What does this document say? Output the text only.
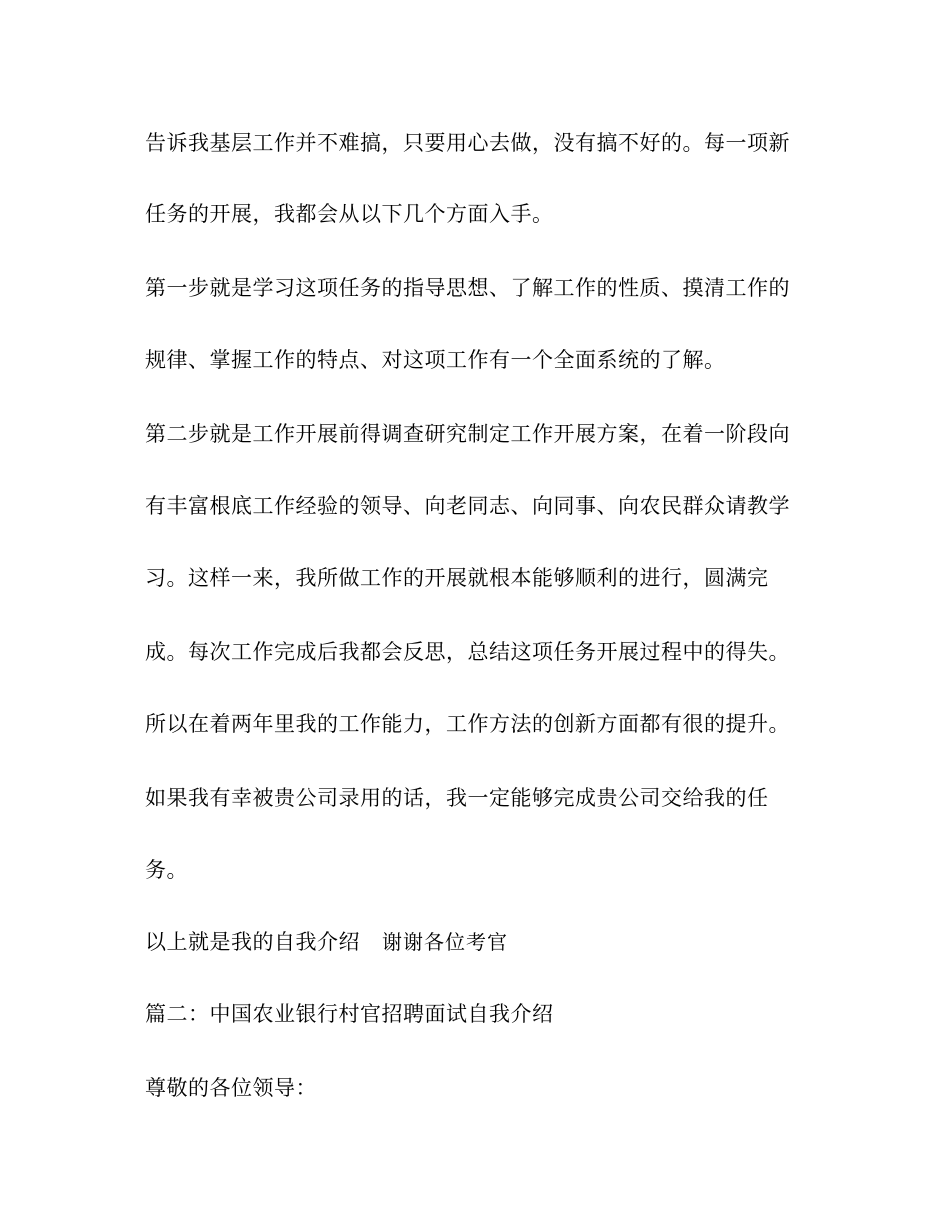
告诉我基层工作并不难搞，只要用心去做，没有搞不好的。每一项新
任务的开展，我都会从以下几个方面入手。
第一步就是学习这项任务的指导思想、了解工作的性质、摸清工作的
规律、掌握工作的特点、对这项工作有一个全面系统的了解。
第二步就是工作开展前得调查研究制定工作开展方案，在着一阶段向
有丰富根底工作经验的领导、向老同志、向同事、向农民群众请教学
习。这样一来，我所做工作的开展就根本能够顺利的进行，圆满完
成。每次工作完成后我都会反思，总结这项任务开展过程中的得失。
所以在着两年里我的工作能力，工作方法的创新方面都有很的提升。
如果我有幸被贵公司录用的话，我一定能够完成贵公司交给我的任
务。
以上就是我的自我介绍 谢谢各位考官
篇二：中国农业银行村官招聘面试自我介绍
尊敬的各位领导：
